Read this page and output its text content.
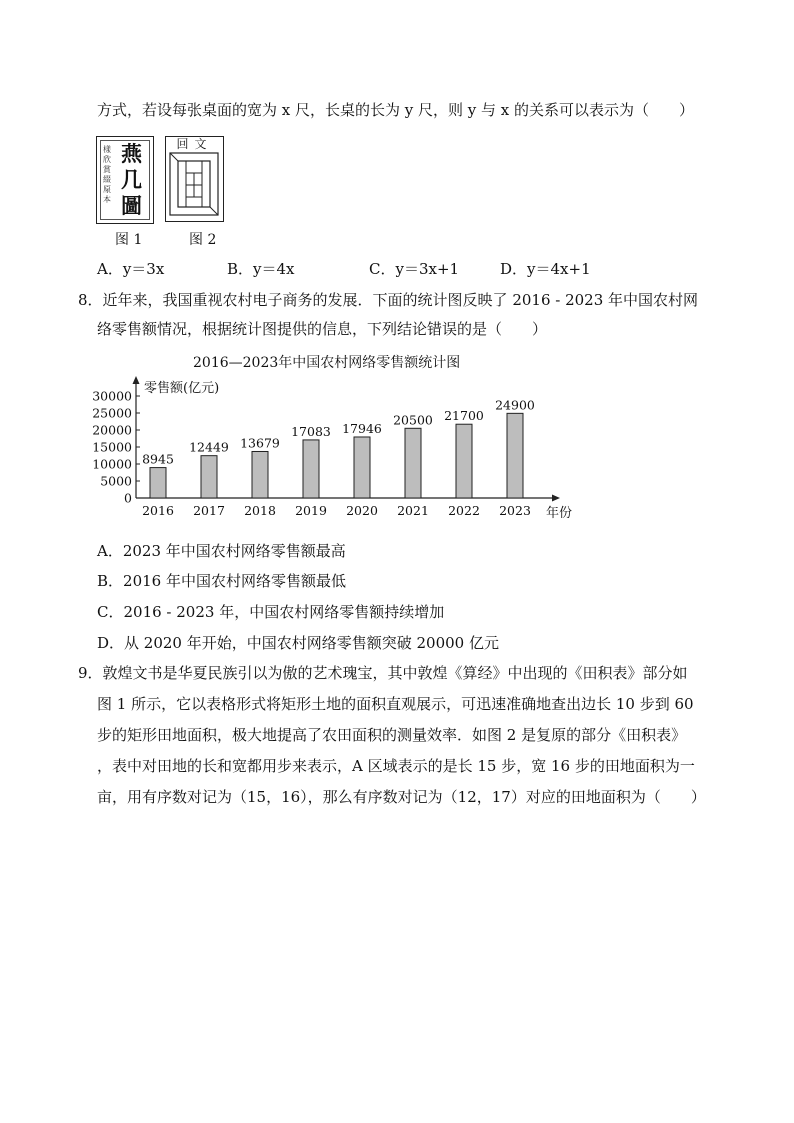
方式，若设每张桌面的宽为 x 尺，长桌的长为 y 尺，则 y 与 x 的关系可以表示为（　　）
樣欣賞綴厡本
燕几圖
回文
图 1	图 2
A．y＝3x	B．y＝4x	C．y＝3x+1	D．y＝4x+1
8．近年来，我国重视农村电子商务的发展．下面的统计图反映了 2016 - 2023 年中国农村网
络零售额情况，根据统计图提供的信息，下列结论错误的是（　　）
2016—2023年中国农村网络零售额统计图
零售额(亿元)
年份
0
5000
10000
15000
20000
25000
30000
8945
2016
12449
2017
13679
2018
17083
2019
17946
2020
20500
2021
21700
2022
24900
2023
A．2023 年中国农村网络零售额最高
B．2016 年中国农村网络零售额最低
C．2016 - 2023 年，中国农村网络零售额持续增加
D．从 2020 年开始，中国农村网络零售额突破 20000 亿元
9．敦煌文书是华夏民族引以为傲的艺术瑰宝，其中敦煌《算经》中出现的《田积表》部分如
图 1 所示，它以表格形式将矩形土地的面积直观展示，可迅速准确地查出边长 10 步到 60
步的矩形田地面积，极大地提高了农田面积的测量效率．如图 2 是复原的部分《田积表》
，表中对田地的长和宽都用步来表示，A 区域表示的是长 15 步，宽 16 步的田地面积为一
亩，用有序数对记为（15，16），那么有序数对记为（12，17）对应的田地面积为（　　）
